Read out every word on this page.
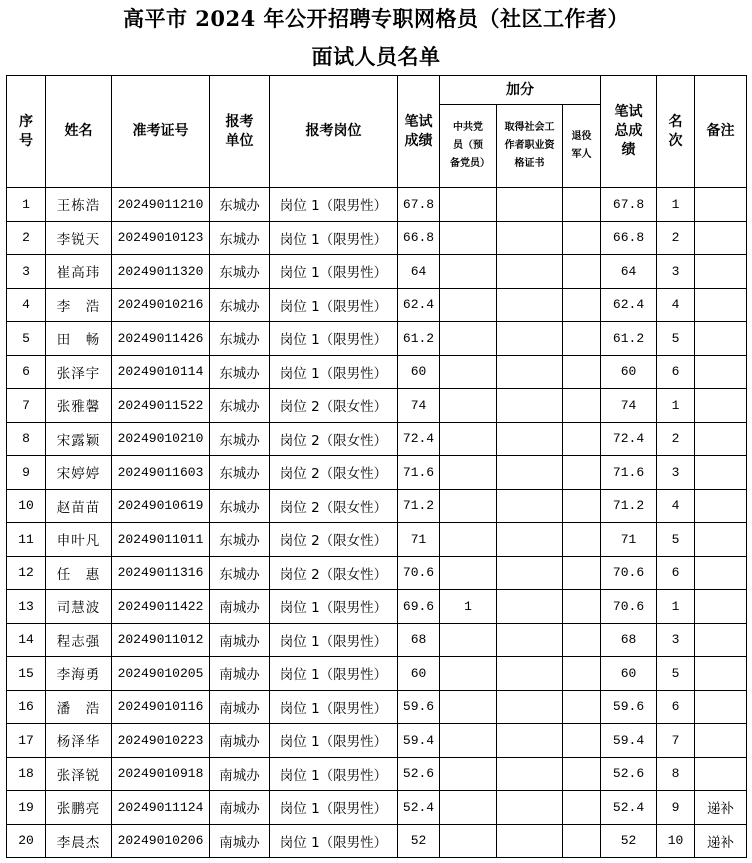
高平市 2024 年公开招聘专职网格员（社区工作者）
面试人员名单
序号	姓名	准考证号	报考单位	报考岗位	笔试成绩	加分			笔试总成绩	名次	备注
						中共党员（预备党员）	取得社会工作者职业资格证书	退役军人			
1	王栋浩	20249011210	东城办	岗位 1（限男性）	67.8				67.8	1	
2	李锐天	20249010123	东城办	岗位 1（限男性）	66.8				66.8	2	
3	崔高玮	20249011320	东城办	岗位 1（限男性）	64				64	3	
4	李　浩	20249010216	东城办	岗位 1（限男性）	62.4				62.4	4	
5	田　畅	20249011426	东城办	岗位 1（限男性）	61.2				61.2	5	
6	张泽宇	20249010114	东城办	岗位 1（限男性）	60				60	6	
7	张雅馨	20249011522	东城办	岗位 2（限女性）	74				74	1	
8	宋露颖	20249010210	东城办	岗位 2（限女性）	72.4				72.4	2	
9	宋婷婷	20249011603	东城办	岗位 2（限女性）	71.6				71.6	3	
10	赵苗苗	20249010619	东城办	岗位 2（限女性）	71.2				71.2	4	
11	申叶凡	20249011011	东城办	岗位 2（限女性）	71				71	5	
12	任　惠	20249011316	东城办	岗位 2（限女性）	70.6				70.6	6	
13	司慧波	20249011422	南城办	岗位 1（限男性）	69.6	1			70.6	1	
14	程志强	20249011012	南城办	岗位 1（限男性）	68				68	3	
15	李海勇	20249010205	南城办	岗位 1（限男性）	60				60	5	
16	潘　浩	20249010116	南城办	岗位 1（限男性）	59.6				59.6	6	
17	杨泽华	20249010223	南城办	岗位 1（限男性）	59.4				59.4	7	
18	张泽锐	20249010918	南城办	岗位 1（限男性）	52.6				52.6	8	
19	张鹏亮	20249011124	南城办	岗位 1（限男性）	52.4				52.4	9	递补
20	李晨杰	20249010206	南城办	岗位 1（限男性）	52				52	10	递补
